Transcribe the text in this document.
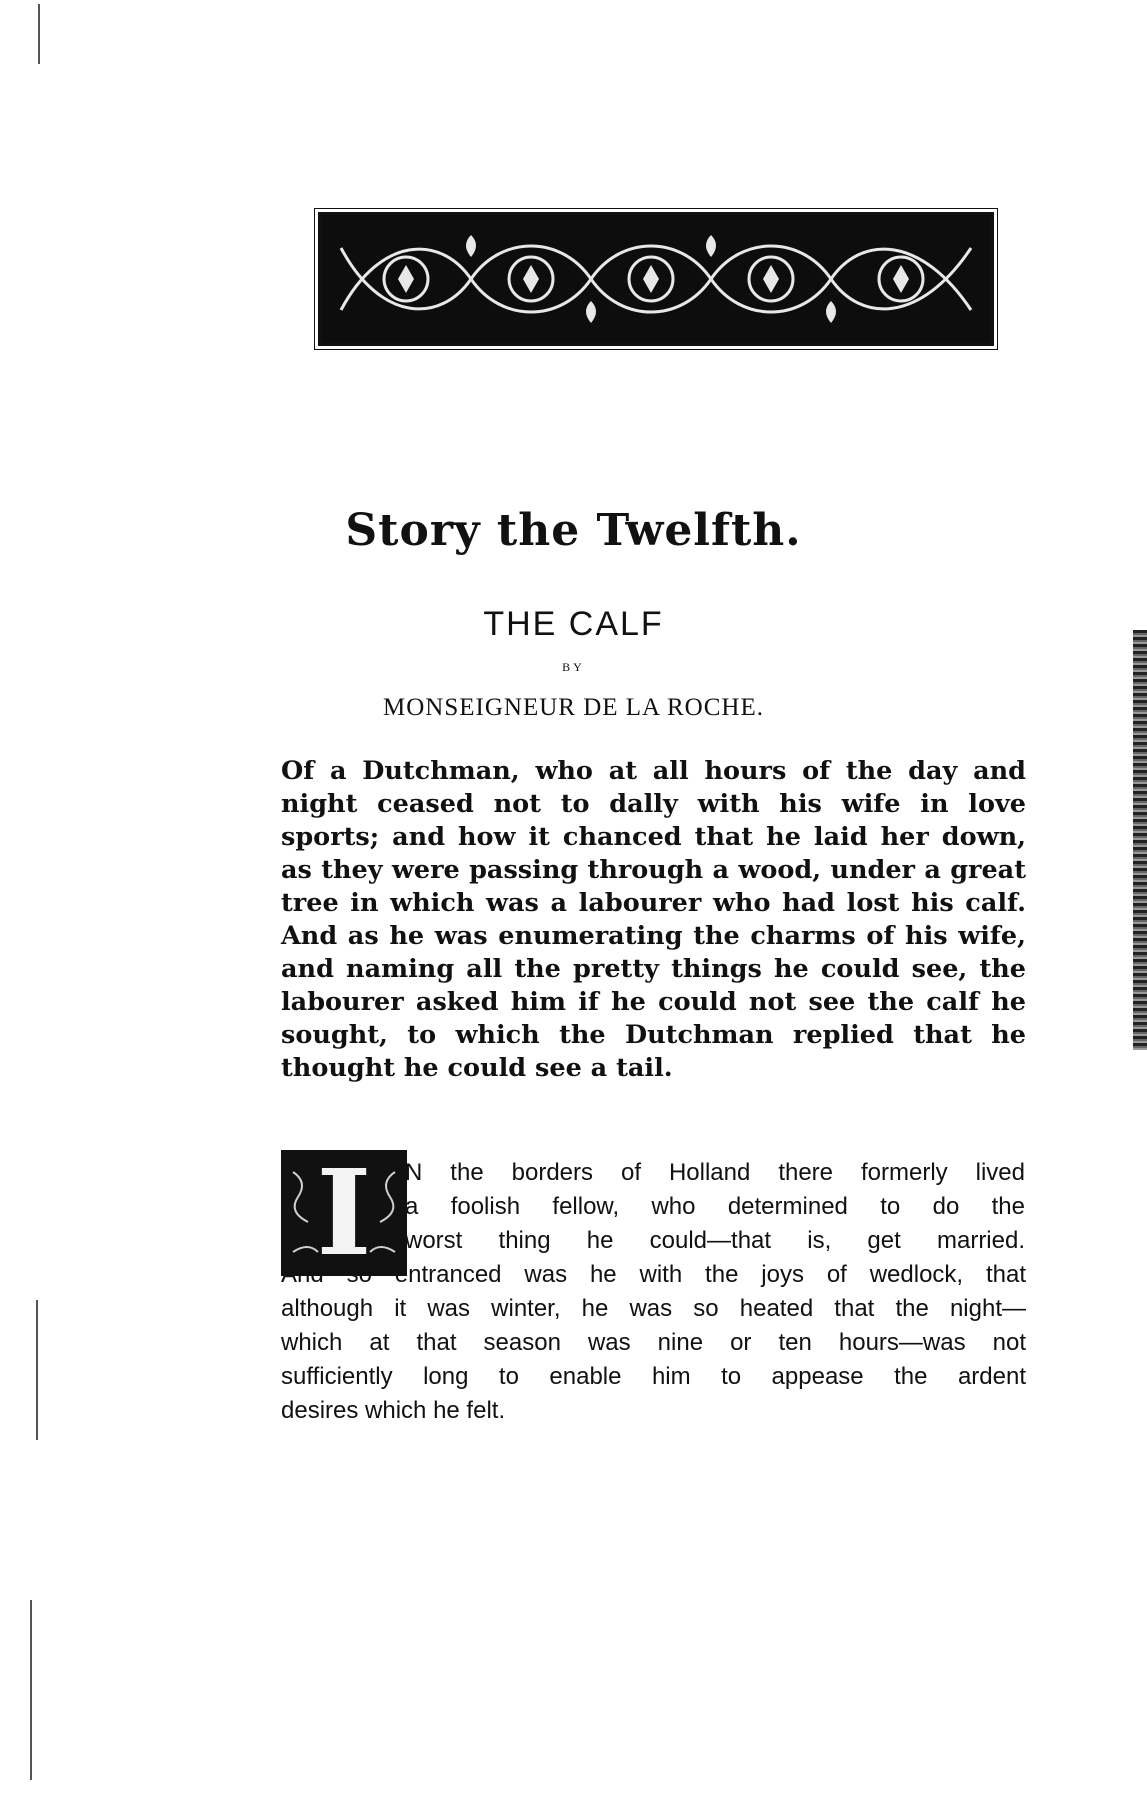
Story the Twelfth.
THE CALF
BY
MONSEIGNEUR DE LA ROCHE.

Of a Dutchman, who at all hours of the day and night ceased not to dally with his wife in love sports; and how it chanced that he laid her down, as they were passing through a wood, under a great tree in which was a labourer who had lost his calf. And as he was enumerating the charms of his wife, and naming all the pretty things he could see, the labourer asked him if he could not see the calf he sought, to which the Dutchman replied that he thought he could see a tail.

I	N the borders of Holland there formerly lived
a foolish fellow, who determined to do the
worst thing he could—that is, get married.

And so entranced was he with the joys of wedlock, that
although it was winter, he was so heated that the night—
which at that season was nine or ten hours—was not
sufficiently long to enable him to appease the ardent
desires which he felt.
